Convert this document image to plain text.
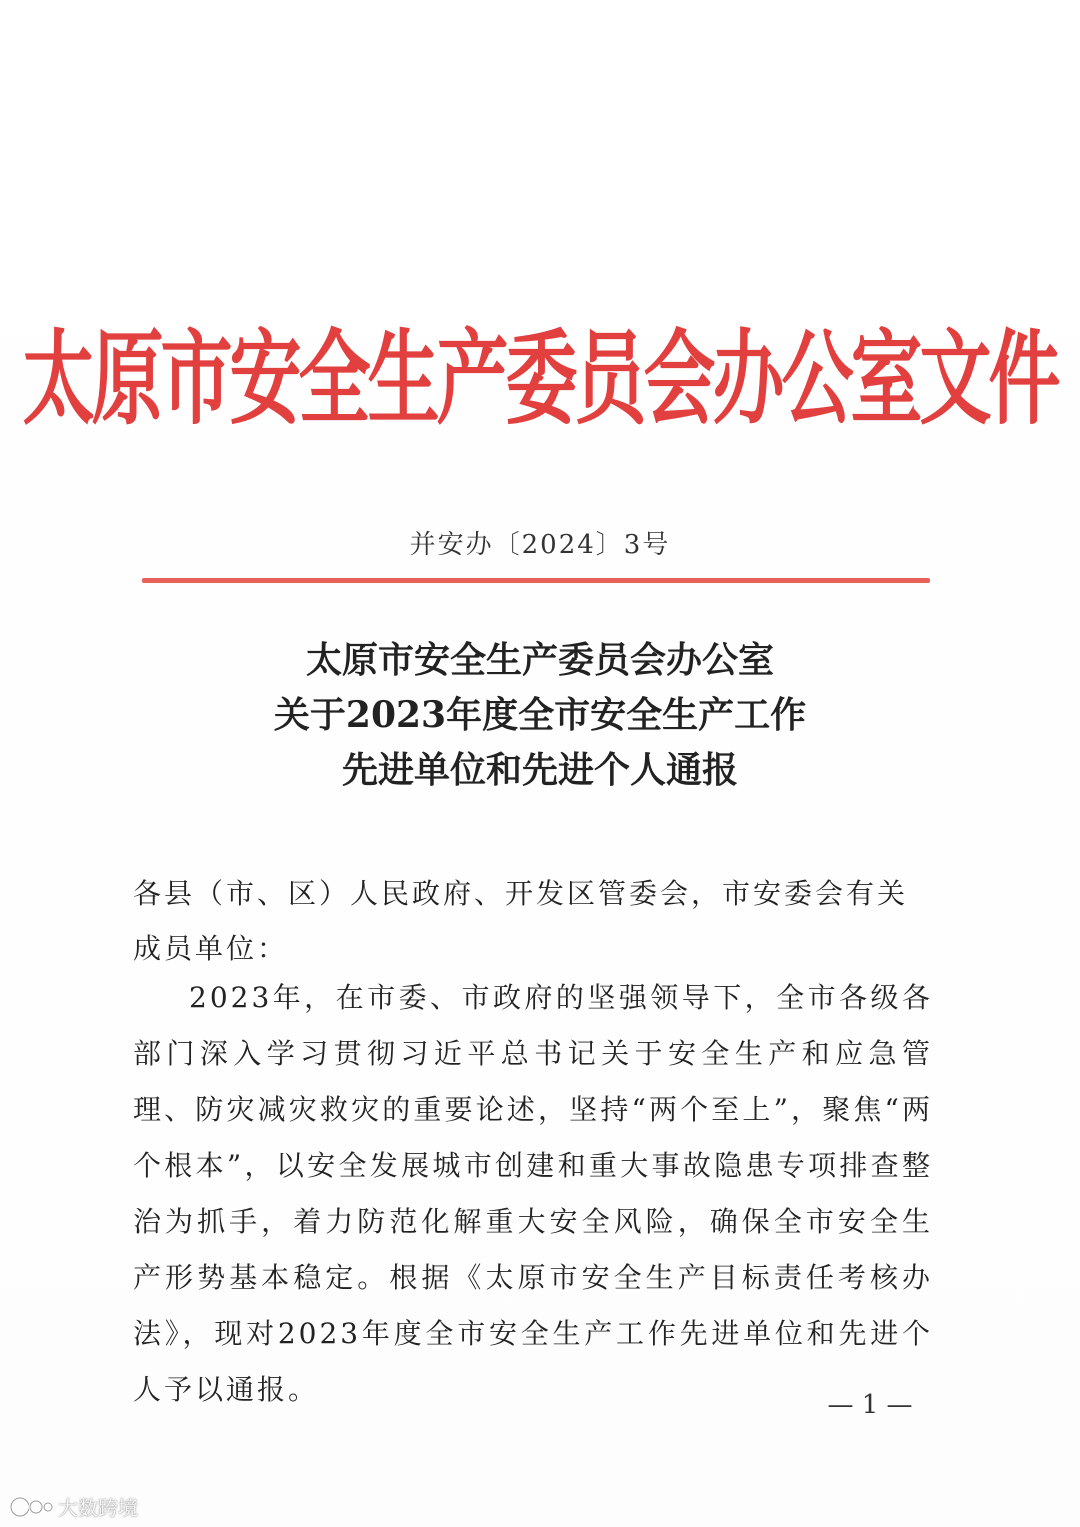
太原市安全生产委员会办公室文件
并安办〔2024〕3号
太原市安全生产委员会办公室
关于2023年度全市安全生产工作
先进单位和先进个人通报
各县（市、区）人民政府、开发区管委会，市安委会有关成员单位：
2023年，在市委、市政府的坚强领导下，全市各级各部门深入学习贯彻习近平总书记关于安全生产和应急管理、防灾减灾救灾的重要论述，坚持“两个至上”，聚焦“两个根本”，以安全发展城市创建和重大事故隐患专项排查整治为抓手，着力防范化解重大安全风险，确保全市安全生产形势基本稳定。根据《太原市安全生产目标责任考核办法》，现对2023年度全市安全生产工作先进单位和先进个人予以通报。	— 1 —
大数跨境
